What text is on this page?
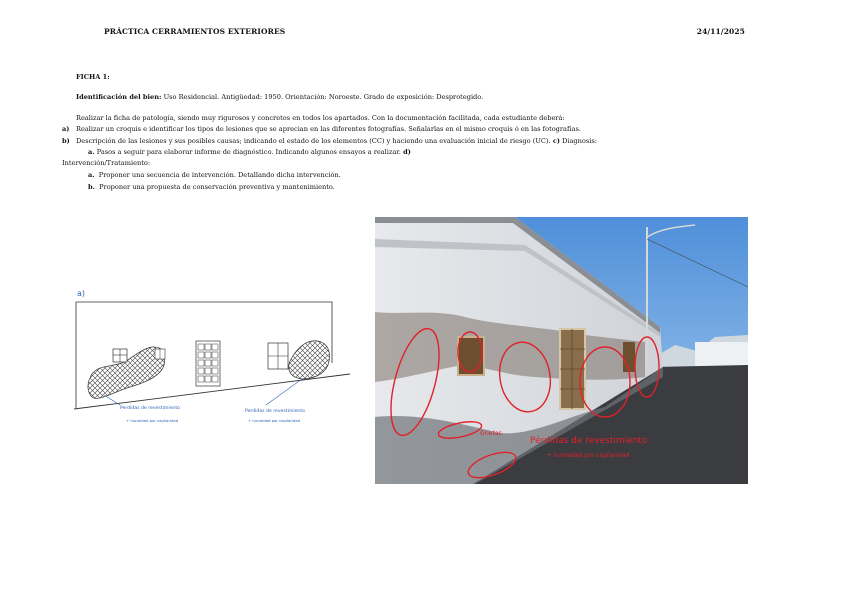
PRÁCTICA CERRAMIENTOS EXTERIORES	24/11/2025
FICHA 1:
Identificación del bien: Uso Residencial. Antigüedad: 1950. Orientación: Noroeste. Grado de exposición: Desprotegido.
Realizar la ficha de patología, siendo muy rigurosos y concretos en todos los apartados. Con la documentación facilitada, cada estudiante deberá:
a) Realizar un croquis e identificar los tipos de lesiones que se aprecian en las diferentes fotografías. Señalarlas en el mismo croquis ó en las fotografías.
b) Descripción de las lesiones y sus posibles causas; indicando el estado de los elementos (CC) y haciendo una evaluación inicial de riesgo (UC). c) Diagnosis:
a. Pasos a seguir para elaborar informe de diagnóstico. Indicando algunos ensayos a realizar. d)
Intervención/Tratamiento:
a. Proponer una secuencia de intervención. Detallando dicha intervención.
b. Proponer una propuesta de conservación preventiva y mantenimiento.
a)
Perdidas de revestimiento
+ humedad por capilaridad
Perdidas de revestimiento
+ humedad por capilaridad
Grietas
Pérdidas de revestimiento
+ humedad por capilaridad
